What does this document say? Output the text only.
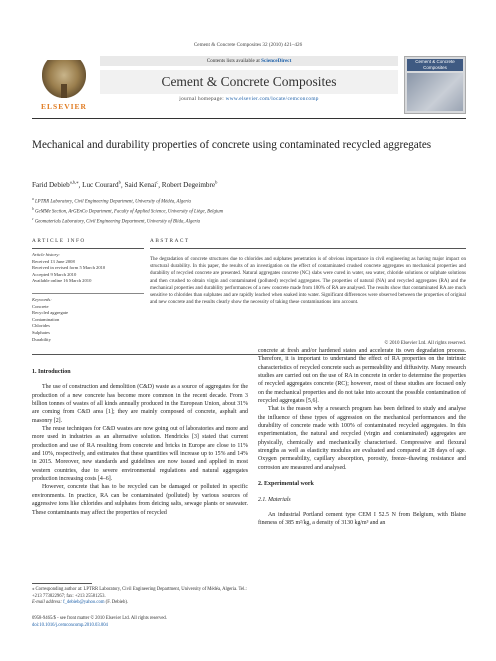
Cement & Concrete Composites 32 (2010) 421–426
ELSEVIER
Contents lists available at ScienceDirect
Cement & Concrete Composites
journal homepage: www.elsevier.com/locate/cemconcomp
Cement & Concrete Composites
Mechanical and durability properties of concrete using contaminated recycled aggregates
Farid Debieb$^{a,b,⁎}$, Luc Courard$^b$, Said Kenai$^c$, Robert Degeimbre$^b$
$^a$ LPTRR Laboratory, Civil Engineering Department, University of Médéa, Algeria
$^b$ GeMMe Section, ArGEnCo Department, Faculty of Applied Science, University of Liège, Belgium
$^c$ Geomaterials Laboratory, Civil Engineering Department, University of Blida, Algeria
ARTICLE INFO	ABSTRACT
Article history:
Received 13 June 2008
Received in revised form 5 March 2010
Accepted 9 March 2010
Available online 16 March 2010
Keywords:
Concrete
Recycled aggregate
Contamination
Chlorides
Sulphates
Durability
The degradation of concrete structures due to chlorides and sulphates penetration is of obvious importance in civil engineering as having major impact on structural durability. In this paper, the results of an investigation on the effect of contaminated crushed concrete aggregates on mechanical properties and durability of recycled concrete are presented. Natural aggregates concrete (NC) slabs were cured in water, sea water, chloride solutions or sulphate solutions and then crushed to obtain virgin and contaminated (polluted) recycled aggregates. The properties of natural (NA) and recycled aggregates (RA) and the mechanical properties and durability performances of a new concrete made from 100% of RA are analysed. The results show that contaminated RA are much sensitive to chlorides than sulphates and are rapidly leached when soaked into water. Significant differences were observed between the properties of original and new concrete and the results clearly show the necessity of taking these contaminations into account.
© 2010 Elsevier Ltd. All rights reserved.
1. Introduction

The use of construction and demolition (C&D) waste as a source of aggregates for the production of a new concrete has become more common in the recent decade. From 3 billion tonnes of wastes of all kinds annually produced in the European Union, about 31% are coming from C&D area [1]; they are mainly composed of concrete, asphalt and masonry [2].

The reuse techniques for C&D wastes are now going out of laboratories and more and more used in industries as an alternative solution. Hendricks [3] stated that current production and use of RA resulting from concrete and bricks in Europe are close to 11% and 10%, respectively, and estimates that these quantities will increase up to 15% and 14% in 2015. Moreover, new standards and guidelines are now issued and applied in most western countries, due to severe environmental regulations and natural aggregates production increasing costs [4–6].

However, concrete that has to be recycled can be damaged or polluted in specific environments. In practice, RA can be contaminated (polluted) by various sources of aggressive ions like chlorides and sulphates from deicing salts, sewage plants or seawater. These contaminants may affect the properties of recycled

concrete at fresh and/or hardened states and accelerate its own degradation process. Therefore, it is important to understand the effect of RA properties on the intrinsic characteristics of recycled concrete such as permeability and diffusivity. Many research studies are carried out on the use of RA in concrete in order to determine the properties of recycled aggregates concrete (RC); however, most of these studies are focused only on the mechanical properties and do not take into account the possible contamination of recycled aggregates [5,6].

That is the reason why a research program has been defined to study and analyse the influence of these types of aggression on the mechanical performances and the durability of concrete made with 100% of contaminated recycled aggregates. In this experimentation, the natural and recycled (virgin and contaminated) aggregates are physically, chemically and mechanically characterised. Compressive and flexural strengths as well as elasticity modulus are evaluated and compared at 28 days of age. Oxygen permeability, capillary absorption, porosity, freeze–thawing resistance and corrosion are measured and analysed.

2. Experimental work
2.1. Materials

An industrial Portland cement type CEM I 52.5 N from Belgium, with Blaine fineness of 385 m²/kg, a density of 3130 kg/m³ and an

⁎ Corresponding author at: LPTRR Laboratory, Civil Engineering Department, University of Médéa, Algeria. Tel.: +213 773822967; fax: +213 25581253.
E-mail address: f_debieb@yahoo.com (F. Debieb).
0958-9465/$ - see front matter © 2010 Elsevier Ltd. All rights reserved.
doi:10.1016/j.cemconcomp.2010.03.004
